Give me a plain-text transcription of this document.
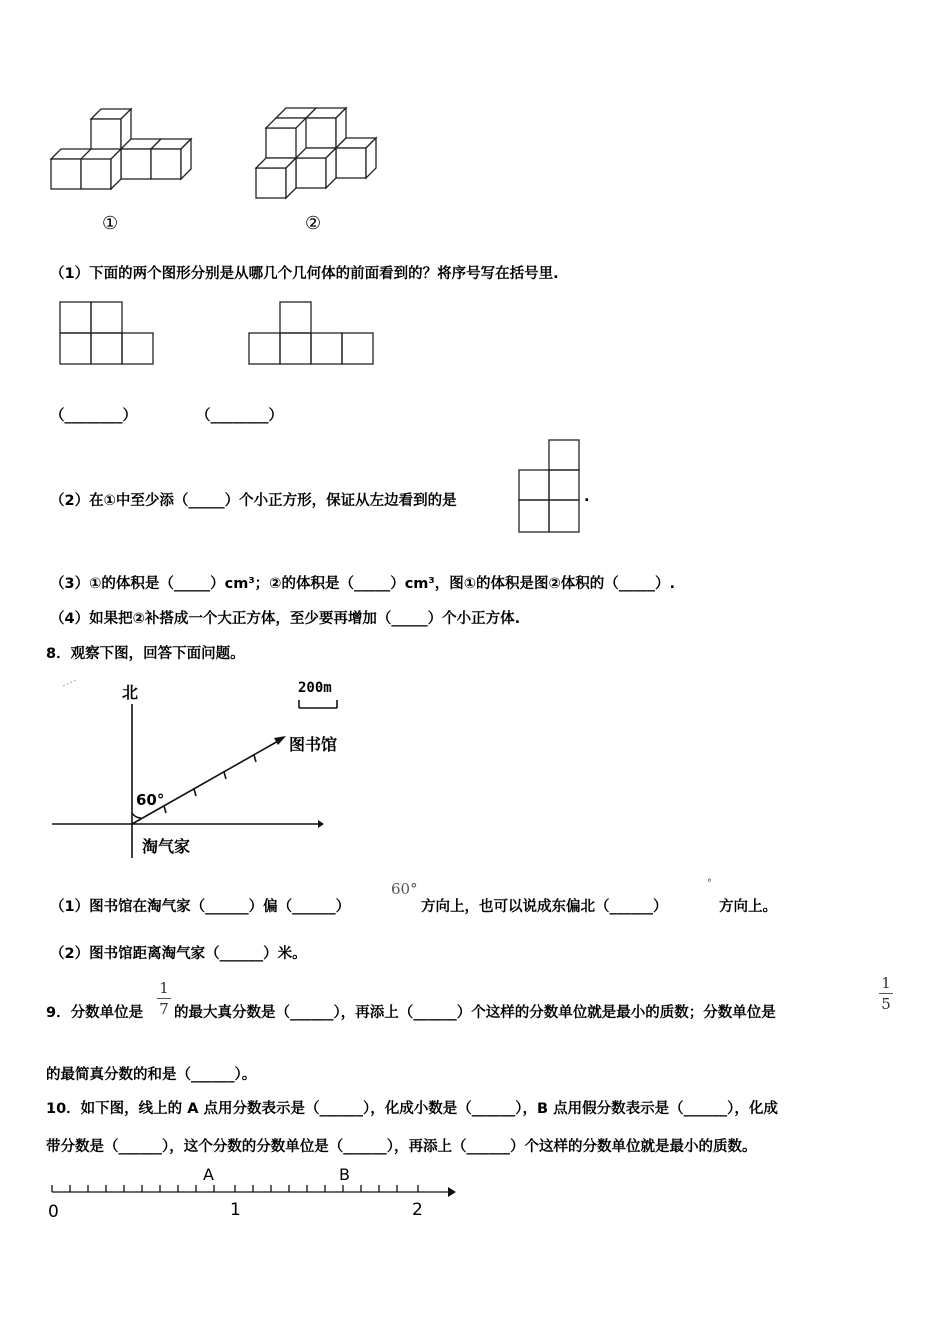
①	②
（1）下面的两个图形分别是从哪几个几何体的前面看到的？将序号写在括号里.
（________）	（________）
（2）在①中至少添（_____）个小正方形，保证从左边看到的是	.
（3）①的体积是（_____）cm³；②的体积是（_____）cm³，图①的体积是图②体积的（_____）.
（4）如果把②补搭成一个大正方体，至少要再增加（_____）个小正方体.
8．观察下图，回答下面问题。
北	200m
图书馆
60°
淘气家
（1）图书馆在淘气家（______）偏（______）
60°
方向上，也可以说成东偏北（______）
°
方向上。
（2）图书馆距离淘气家（______）米。
9．分数单位是
1
7 的最大真分数是（______），再添上（______）个这样的分数单位就是最小的质数；分数单位是
1
5
的最简真分数的和是（______）。
10．如下图，线上的 A 点用分数表示是（______），化成小数是（______），B 点用假分数表示是（______），化成
带分数是（______），这个分数的分数单位是（______），再添上（______）个这样的分数单位就是最小的质数。
A	B
0	1	2
